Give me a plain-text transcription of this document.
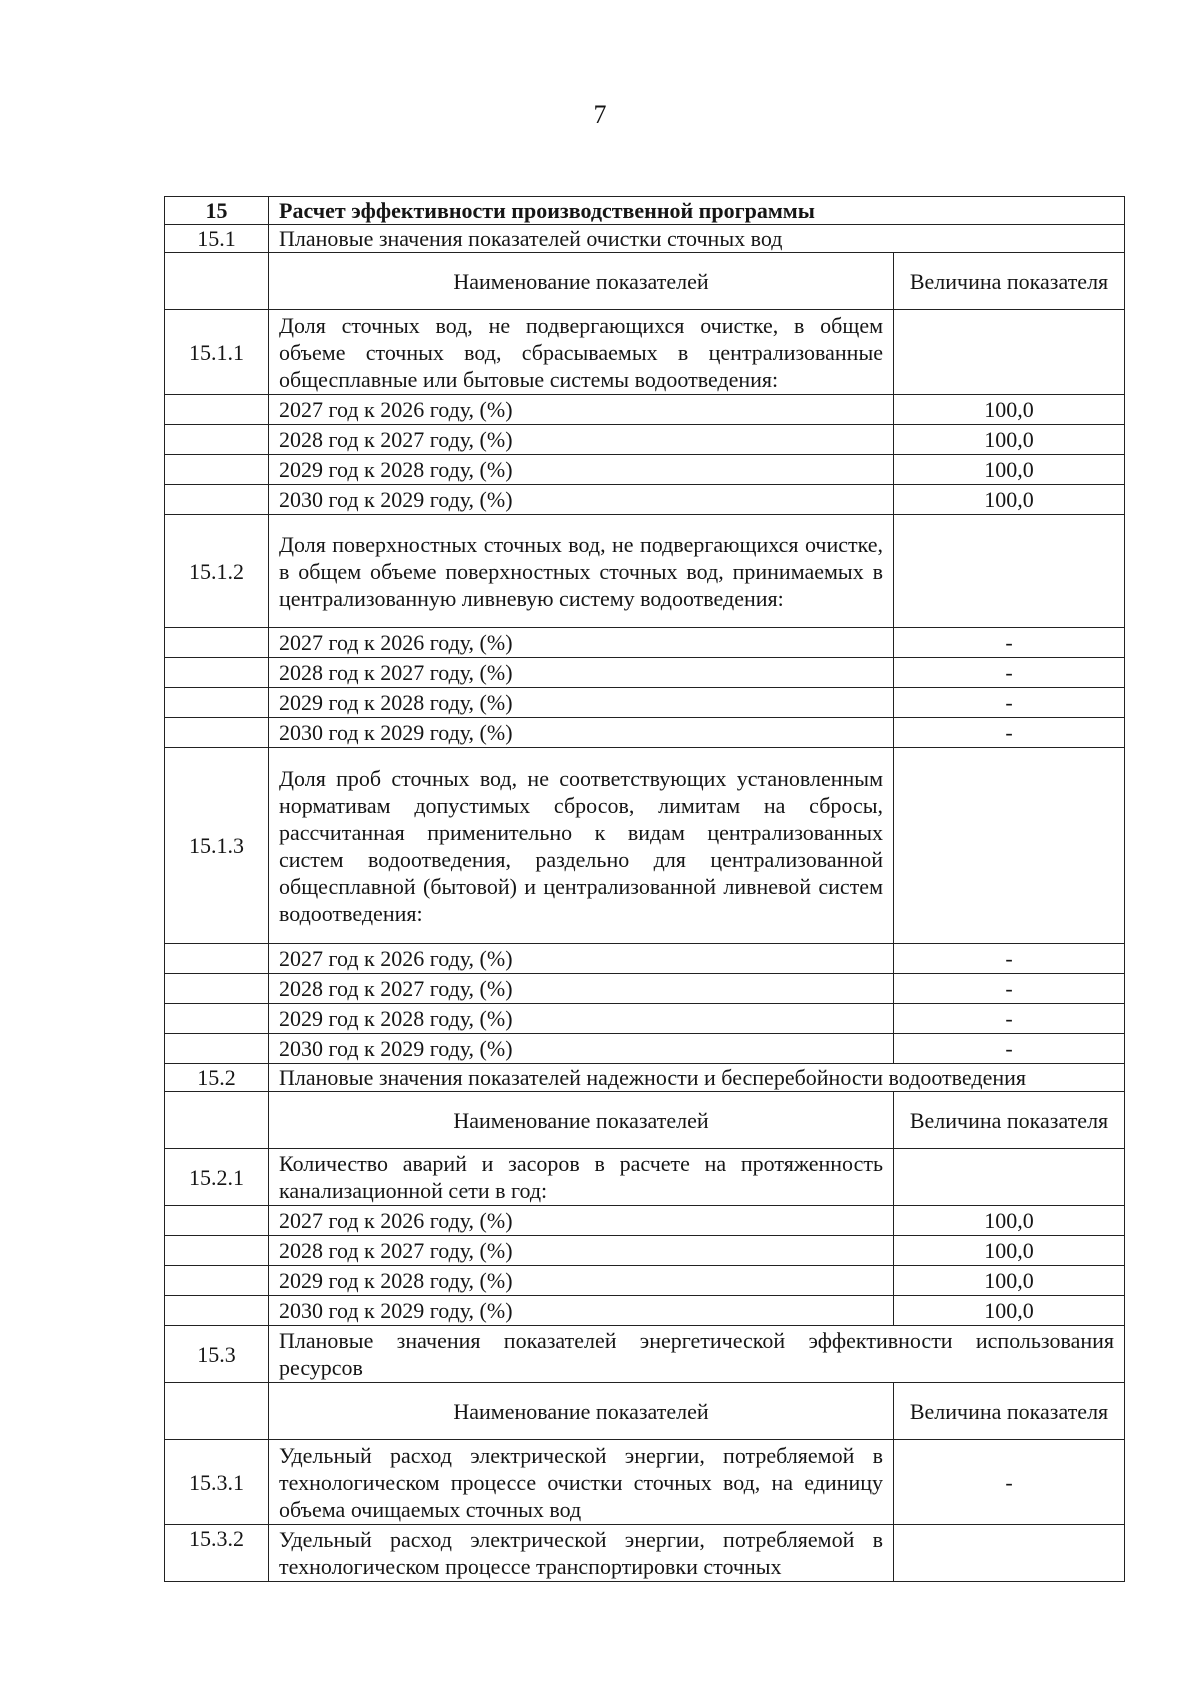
7
15	Расчет эффективности производственной программы	
15.1	Плановые значения показателей очистки сточных вод	
	Наименование показателей	Величина показателя
15.1.1	Доля сточных вод, не подвергающихся очистке, в общем объеме сточных вод, сбрасываемых в централизованные общесплавные или бытовые системы водоотведения:	
	2027 год к 2026 году, (%)	100,0
	2028 год к 2027 году, (%)	100,0
	2029 год к 2028 году, (%)	100,0
	2030 год к 2029 году, (%)	100,0
15.1.2	Доля поверхностных сточных вод, не подвергающихся очистке, в общем объеме поверхностных сточных вод, принимаемых в централизованную ливневую систему водоотведения:	
	2027 год к 2026 году, (%)	-
	2028 год к 2027 году, (%)	-
	2029 год к 2028 году, (%)	-
	2030 год к 2029 году, (%)	-
15.1.3	Доля проб сточных вод, не соответствующих установленным нормативам допустимых сбросов, лимитам на сбросы, рассчитанная применительно к видам централизованных систем водоотведения, раздельно для централизованной общесплавной (бытовой) и централизованной ливневой систем водоотведения:	
	2027 год к 2026 году, (%)	-
	2028 год к 2027 году, (%)	-
	2029 год к 2028 году, (%)	-
	2030 год к 2029 году, (%)	-
15.2	Плановые значения показателей надежности и бесперебойности водоотведения	
	Наименование показателей	Величина показателя
15.2.1	Количество аварий и засоров в расчете на протяженность канализационной сети в год:	
	2027 год к 2026 году, (%)	100,0
	2028 год к 2027 году, (%)	100,0
	2029 год к 2028 году, (%)	100,0
	2030 год к 2029 году, (%)	100,0
15.3	Плановые значения показателей энергетической эффективности использования ресурсов	
	Наименование показателей	Величина показателя
15.3.1	Удельный расход электрической энергии, потребляемой в технологическом процессе очистки сточных вод, на единицу объема очищаемых сточных вод	-
15.3.2	Удельный расход электрической энергии, потребляемой в технологическом процессе транспортировки сточных	
